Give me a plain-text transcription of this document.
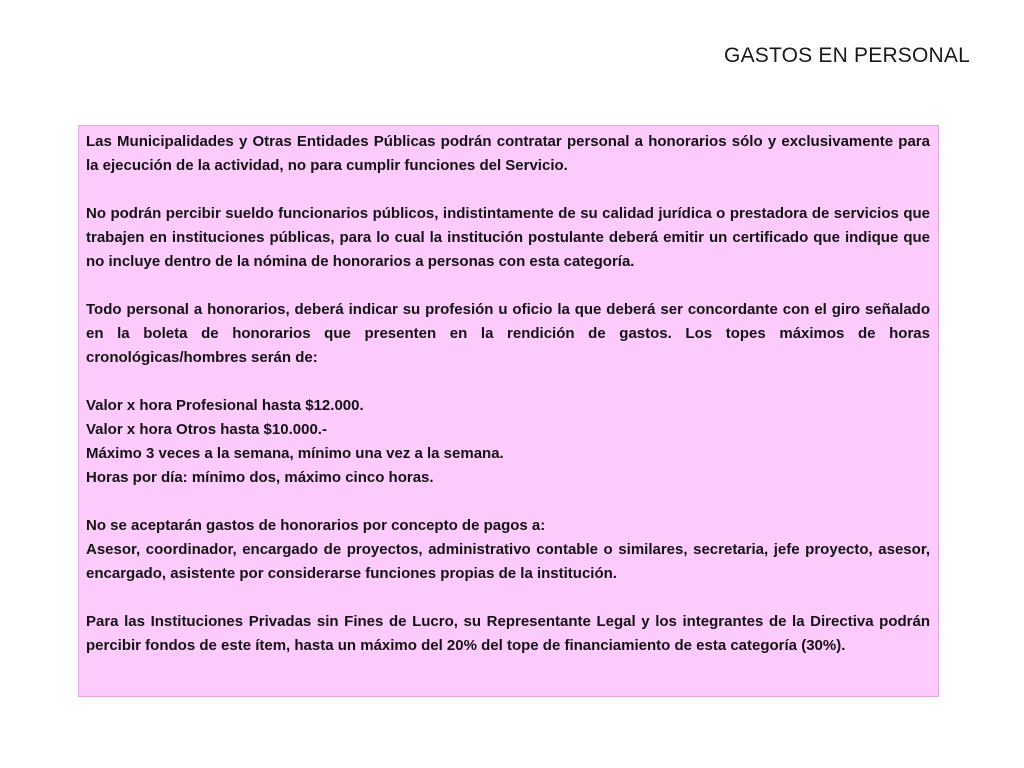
GASTOS EN PERSONAL

Las Municipalidades y Otras Entidades Públicas podrán contratar personal a honorarios sólo y exclusivamente para la ejecución de la actividad, no para cumplir funciones del Servicio.

No podrán percibir sueldo funcionarios públicos, indistintamente de su calidad jurídica o prestadora de servicios que trabajen en instituciones públicas, para lo cual la institución postulante deberá emitir un certificado que indique que no incluye dentro de la nómina de honorarios a personas con esta categoría.

Todo personal a honorarios, deberá indicar su profesión u oficio la que deberá ser concordante con el giro señalado en la boleta de honorarios que presenten en la rendición de gastos. Los topes máximos de horas cronológicas/hombres serán de:

Valor x hora Profesional hasta $12.000.

Valor x hora Otros hasta $10.000.-

Máximo 3 veces a la semana, mínimo una vez a la semana.

Horas por día: mínimo dos, máximo cinco horas.

No se aceptarán gastos de honorarios por concepto de pagos a:

Asesor, coordinador, encargado de proyectos, administrativo contable o similares, secretaria, jefe proyecto, asesor, encargado, asistente por considerarse funciones propias de la institución.

Para las Instituciones Privadas sin Fines de Lucro, su Representante Legal y los integrantes de la Directiva podrán percibir fondos de este ítem, hasta un máximo del 20% del tope de financiamiento de esta categoría (30%).
